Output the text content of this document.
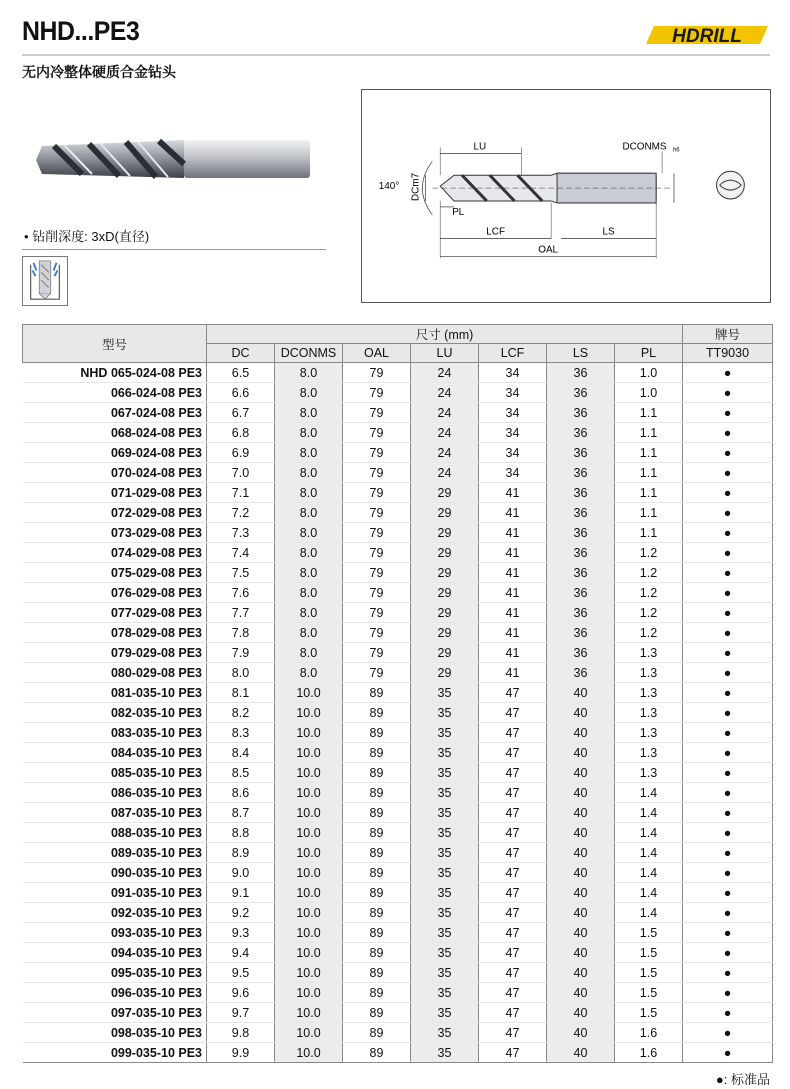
NHD...PE3	HDRILL
无内冷整体硬质合金钻头
• 钻削深度: 3xD(直径)
LU	DCONMS h6
140° DCm7
PL
LCF	LS
OAL
型号	尺寸 (mm)							牌号
	DC	DCONMS	OAL	LU	LCF	LS	PL	TT9030
NHD 065-024-08 PE3	6.5	8.0	79	24	34	36	1.0	●
066-024-08 PE3	6.6	8.0	79	24	34	36	1.0	●
067-024-08 PE3	6.7	8.0	79	24	34	36	1.1	●
068-024-08 PE3	6.8	8.0	79	24	34	36	1.1	●
069-024-08 PE3	6.9	8.0	79	24	34	36	1.1	●
070-024-08 PE3	7.0	8.0	79	24	34	36	1.1	●
071-029-08 PE3	7.1	8.0	79	29	41	36	1.1	●
072-029-08 PE3	7.2	8.0	79	29	41	36	1.1	●
073-029-08 PE3	7.3	8.0	79	29	41	36	1.1	●
074-029-08 PE3	7.4	8.0	79	29	41	36	1.2	●
075-029-08 PE3	7.5	8.0	79	29	41	36	1.2	●
076-029-08 PE3	7.6	8.0	79	29	41	36	1.2	●
077-029-08 PE3	7.7	8.0	79	29	41	36	1.2	●
078-029-08 PE3	7.8	8.0	79	29	41	36	1.2	●
079-029-08 PE3	7.9	8.0	79	29	41	36	1.3	●
080-029-08 PE3	8.0	8.0	79	29	41	36	1.3	●
081-035-10 PE3	8.1	10.0	89	35	47	40	1.3	●
082-035-10 PE3	8.2	10.0	89	35	47	40	1.3	●
083-035-10 PE3	8.3	10.0	89	35	47	40	1.3	●
084-035-10 PE3	8.4	10.0	89	35	47	40	1.3	●
085-035-10 PE3	8.5	10.0	89	35	47	40	1.3	●
086-035-10 PE3	8.6	10.0	89	35	47	40	1.4	●
087-035-10 PE3	8.7	10.0	89	35	47	40	1.4	●
088-035-10 PE3	8.8	10.0	89	35	47	40	1.4	●
089-035-10 PE3	8.9	10.0	89	35	47	40	1.4	●
090-035-10 PE3	9.0	10.0	89	35	47	40	1.4	●
091-035-10 PE3	9.1	10.0	89	35	47	40	1.4	●
092-035-10 PE3	9.2	10.0	89	35	47	40	1.4	●
093-035-10 PE3	9.3	10.0	89	35	47	40	1.5	●
094-035-10 PE3	9.4	10.0	89	35	47	40	1.5	●
095-035-10 PE3	9.5	10.0	89	35	47	40	1.5	●
096-035-10 PE3	9.6	10.0	89	35	47	40	1.5	●
097-035-10 PE3	9.7	10.0	89	35	47	40	1.5	●
098-035-10 PE3	9.8	10.0	89	35	47	40	1.6	●
099-035-10 PE3	9.9	10.0	89	35	47	40	1.6	●
●: 标准品
